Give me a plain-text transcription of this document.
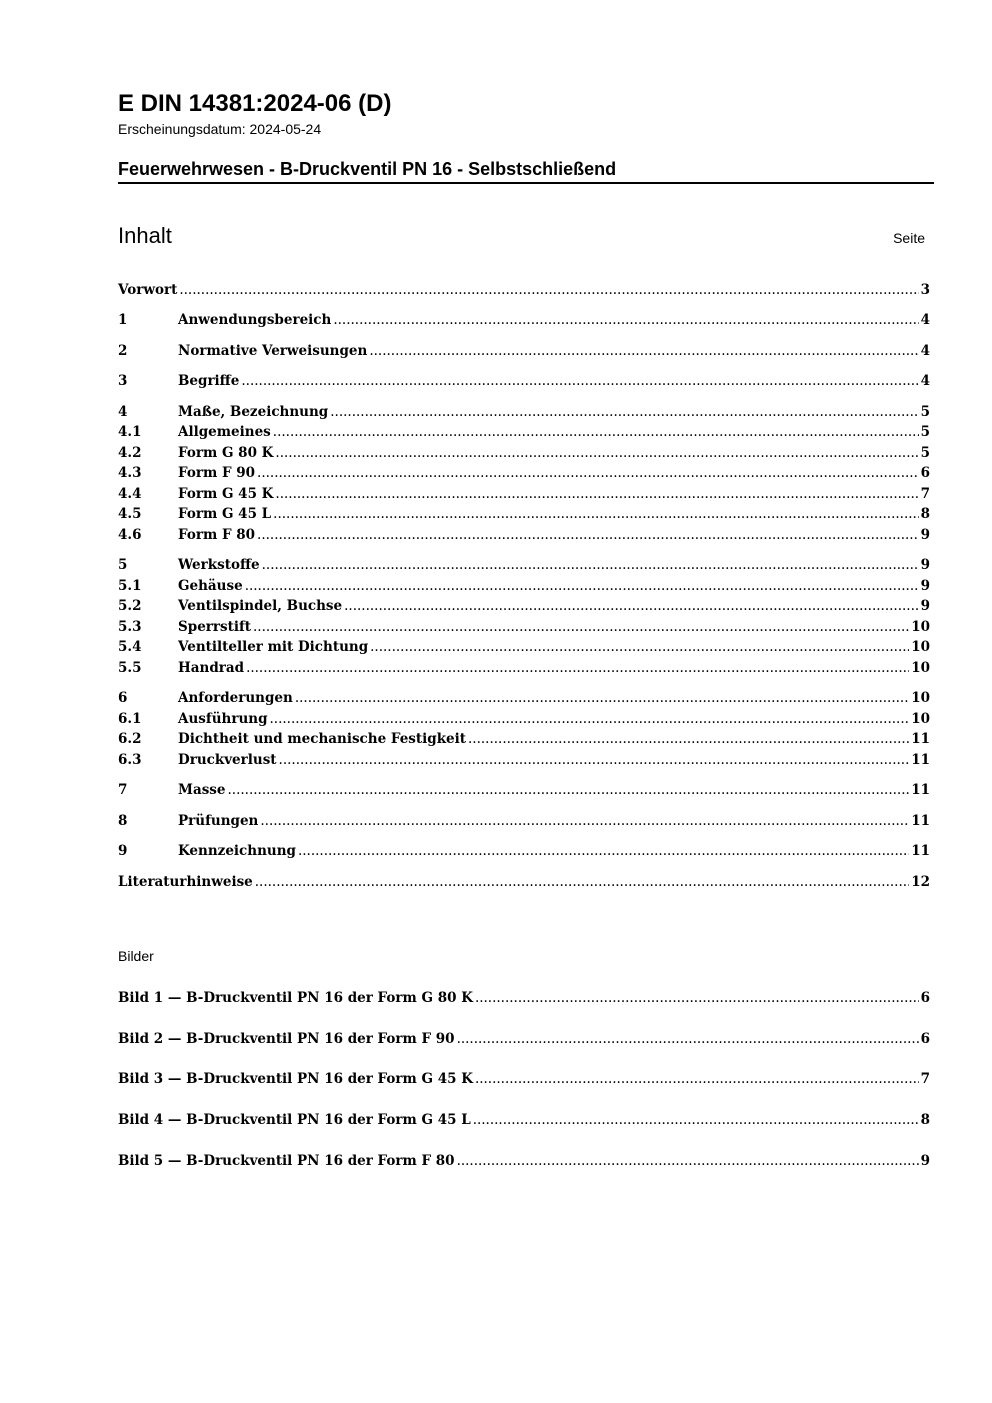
E DIN 14381:2024-06 (D)
Erscheinungsdatum: 2024-05-24
Feuerwehrwesen - B-Druckventil PN 16 - Selbstschließend
Inhalt	Seite
Vorwort .....	3
1	Anwendungsbereich .....	4
2	Normative Verweisungen .....	4
3	Begriffe .....	4
4	Maße, Bezeichnung .....	5
4.1	Allgemeines .....	5
4.2	Form G 80 K .....	5
4.3	Form F 90 .....	6
4.4	Form G 45 K .....	7
4.5	Form G 45 L .....	8
4.6	Form F 80 .....	9
5	Werkstoffe .....	9
5.1	Gehäuse .....	9
5.2	Ventilspindel, Buchse .....	9
5.3	Sperrstift .....	10
5.4	Ventilteller mit Dichtung .....	10
5.5	Handrad .....	10
6	Anforderungen .....	10
6.1	Ausführung .....	10
6.2	Dichtheit und mechanische Festigkeit .....	11
6.3	Druckverlust .....	11
7	Masse .....	11
8	Prüfungen .....	11
9	Kennzeichnung .....	11
Literaturhinweise .....	12
Bilder
Bild 1 — B-Druckventil PN 16 der Form G 80 K .....	6
Bild 2 — B-Druckventil PN 16 der Form F 90 .....	6
Bild 3 — B-Druckventil PN 16 der Form G 45 K .....	7
Bild 4 — B-Druckventil PN 16 der Form G 45 L .....	8
Bild 5 — B-Druckventil PN 16 der Form F 80 .....	9
